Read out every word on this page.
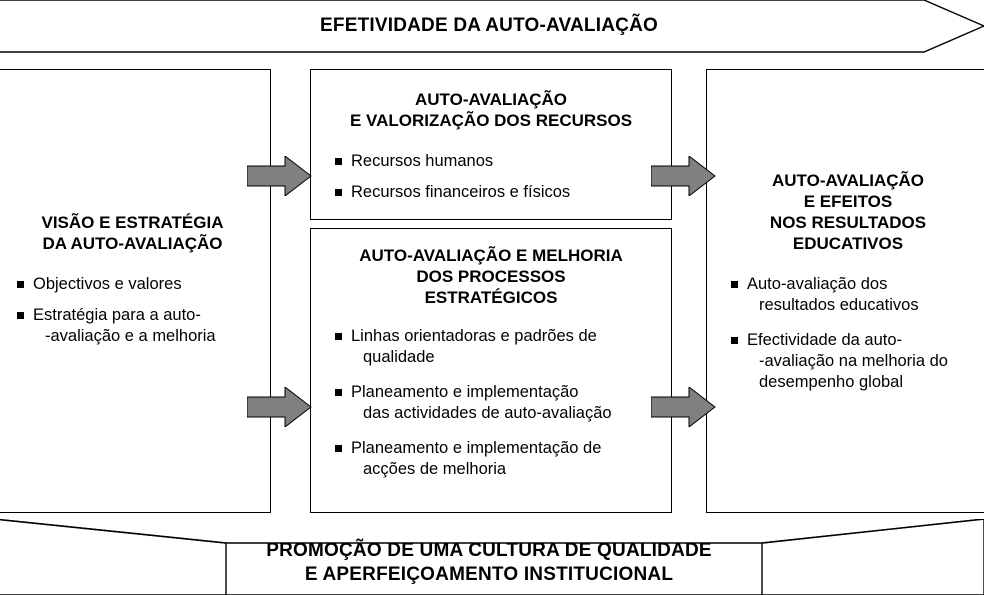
EFETIVIDADE DA AUTO-AVALIAÇÃO
VISÃO E ESTRATÉGIA
DA AUTO-AVALIAÇÃO
Objectivos e valores
Estratégia para a auto-
-avaliação e a melhoria
AUTO-AVALIAÇÃO
E VALORIZAÇÃO DOS RECURSOS
Recursos humanos
Recursos financeiros e físicos
AUTO-AVALIAÇÃO E MELHORIA
DOS PROCESSOS
ESTRATÉGICOS
Linhas orientadoras e padrões de
qualidade
Planeamento e implementação
das actividades de auto-avaliação
Planeamento e implementação de
acções de melhoria
AUTO-AVALIAÇÃO
E EFEITOS
NOS RESULTADOS
EDUCATIVOS
Auto-avaliação dos
resultados educativos
Efectividade da auto-
-avaliação na melhoria do
desempenho global
PROMOÇÃO DE UMA CULTURA DE QUALIDADE
E APERFEIÇOAMENTO INSTITUCIONAL
